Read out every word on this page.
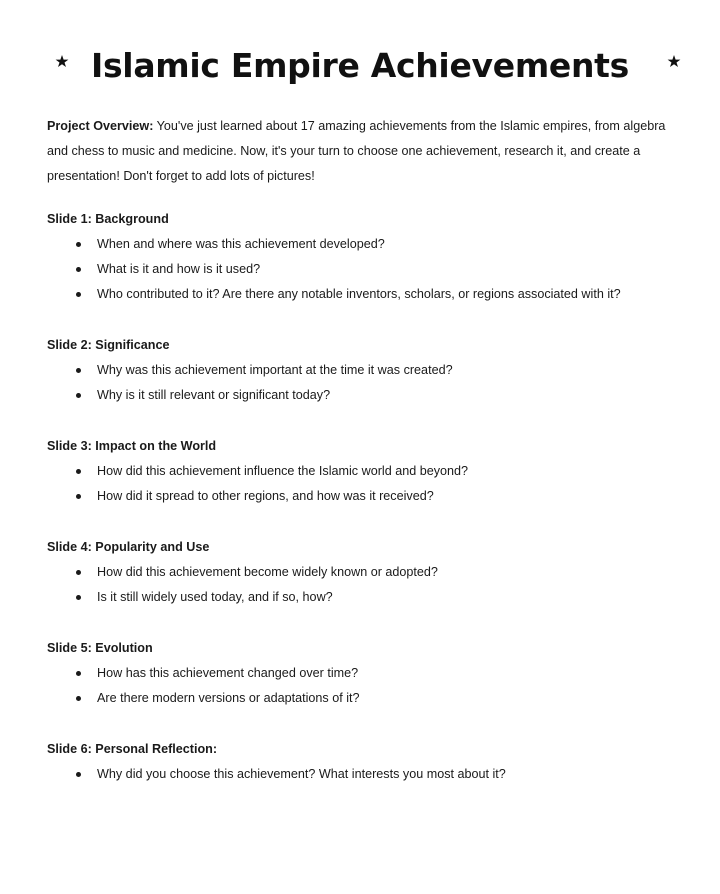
Islamic Empire Achievements

Project Overview: You've just learned about 17 amazing achievements from the Islamic empires, from algebra and chess to music and medicine. Now, it's your turn to choose one achievement, research it, and create a presentation! Don't forget to add lots of pictures!

Slide 1: Background

When and where was this achievement developed?
What is it and how is it used?
Who contributed to it? Are there any notable inventors, scholars, or regions associated with it?

Slide 2: Significance

Why was this achievement important at the time it was created?
Why is it still relevant or significant today?

Slide 3: Impact on the World

How did this achievement influence the Islamic world and beyond?
How did it spread to other regions, and how was it received?

Slide 4: Popularity and Use

How did this achievement become widely known or adopted?
Is it still widely used today, and if so, how?

Slide 5: Evolution

How has this achievement changed over time?
Are there modern versions or adaptations of it?

Slide 6: Personal Reflection:

Why did you choose this achievement? What interests you most about it?
